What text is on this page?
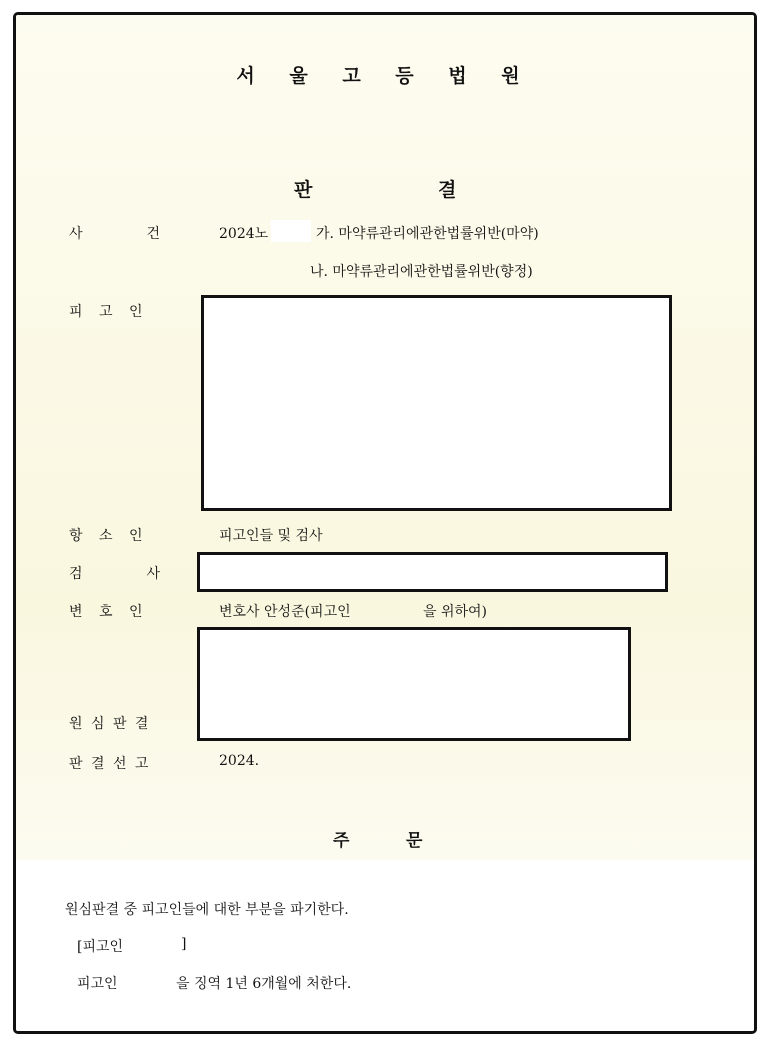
서 울 고 등 법 원
판	결
사	건	2024노	가. 마약류관리에관한법률위반(마약)
나. 마약류관리에관한법률위반(향정)
피 고 인
항 소 인	피고인들 및 검사
검	사
변 호 인	변호사 안성준(피고인	을 위하여)
원 심 판 결
판 결 선 고	2024.
주	문
원심판결 중 피고인들에 대한 부분을 파기한다.
[피고인	]
피고인	을 징역 1년 6개월에 처한다.
